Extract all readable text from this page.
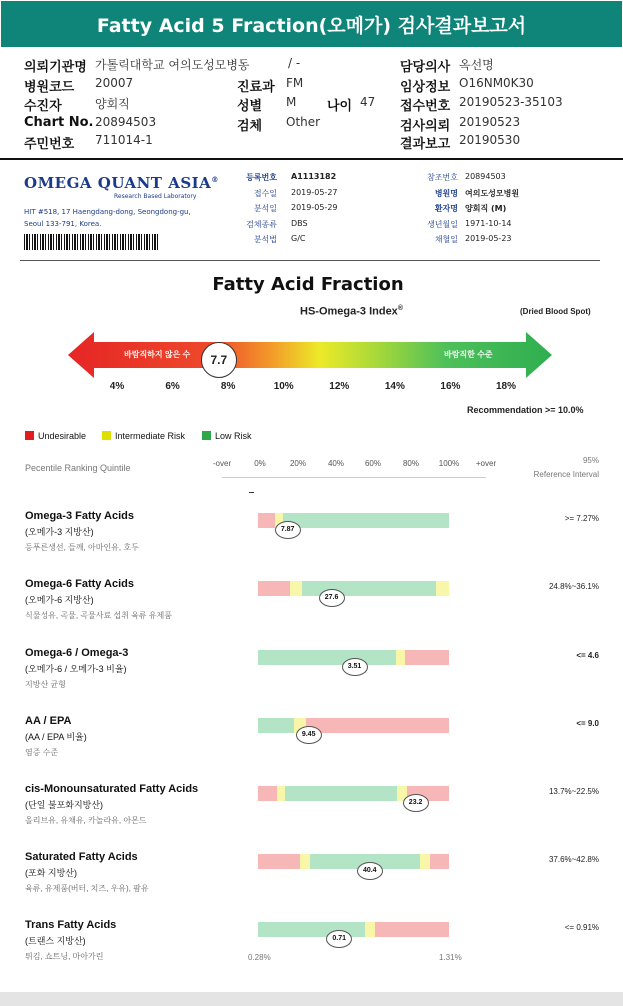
Fatty Acid 5 Fraction(오메가) 검사결과보고서
의뢰기관명 가톨릭대학교 여의도성모병동	/ -	담당의사 옥선명
병원코드 20007	진료과 FM	임상정보 O16NM0K30
수진자	양회직	성별 M 나이 47 접수번호 20190523-35103
Chart No. 20894503	검체 Other	검사의뢰 20190523
주민번호 711014-1	결과보고 20190530
OMEGA QUANT ASIA®
Research Based Laboratory
HIT #518, 17 Haengdang-dong, Seongdong-gu,
Seoul 133-791, Korea.
등록번호 A1113182	참조번호 20894503
접수일 2019-05-27	병원명 여의도성모병원
분석일 2019-05-29	환자명 양회직 (M)
검체종류 DBS	생년월일 1971-10-14
분석법 G/C	채혈일 2019-05-23
Fatty Acid Fraction
HS-Omega-3 Index®	(Dried Blood Spot)
바람직하지 않은 수	바람직한 수준
7.7
4%	6%	8%	10%	12%	14%	16%	18%
Recommendation >= 10.0%
Undesirable	Intermediate Risk	Low Risk
Pecentile Ranking Quintile	-over	0%	20%	40%	60%	80%	100%	+over	95%
Reference Interval
Omega-3 Fatty Acids
(오메가-3 지방산)
등푸른생선, 들깨, 아마인유, 호두
>= 7.27%
7.87
Omega-6 Fatty Acids
(오메가-6 지방산)
식물성유, 곡물, 곡물사료 섭취 육류 유제품
24.8%~36.1%
27.6
Omega-6 / Omega-3
(오메가-6 / 오메가-3 비율)
지방산 균형
<= 4.6
3.51
AA / EPA
(AA / EPA 비율)
염증 수준
<= 9.0
9.45
cis-Monounsaturated Fatty Acids
(단일 불포화지방산)
올리브유, 유채유, 카놀라유, 아몬드
13.7%~22.5%
23.2
Saturated Fatty Acids
(포화 지방산)
육류, 유제품(버터, 치즈, 우유), 팜유
37.6%~42.8%
40.4
Trans Fatty Acids
(트랜스 지방산)
튀김, 쇼트닝, 마아가린
<= 0.91%
0.71
0.28%	1.31%
